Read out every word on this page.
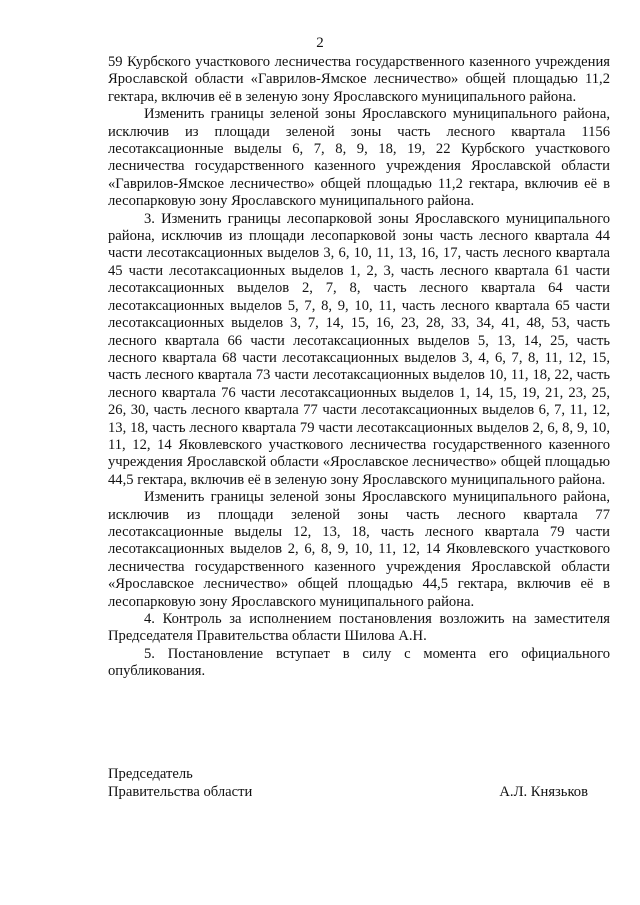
2

59 Курбского участкового лесничества государственного казенного учреждения Ярославской области «Гаврилов-Ямское лесничество» общей площадью 11,2 гектара, включив её в зеленую зону Ярославского муниципального района.

Изменить границы зеленой зоны Ярославского муниципального района, исключив из площади зеленой зоны часть лесного квартала 1156 лесотаксационные выделы 6, 7, 8, 9, 18, 19, 22 Курбского участкового лесничества государственного казенного учреждения Ярославской области «Гаврилов-Ямское лесничество» общей площадью 11,2 гектара, включив её в лесопарковую зону Ярославского муниципального района.

3. Изменить границы лесопарковой зоны Ярославского муниципального района, исключив из площади лесопарковой зоны часть лесного квартала 44 части лесотаксационных выделов 3, 6, 10, 11, 13, 16, 17, часть лесного квартала 45 части лесотаксационных выделов 1, 2, 3, часть лесного квартала 61 части лесотаксационных выделов 2, 7, 8, часть лесного квартала 64 части лесотаксационных выделов 5, 7, 8, 9, 10, 11, часть лесного квартала 65 части лесотаксационных выделов 3, 7, 14, 15, 16, 23, 28, 33, 34, 41, 48, 53, часть лесного квартала 66 части лесотаксационных выделов 5, 13, 14, 25, часть лесного квартала 68 части лесотаксационных выделов 3, 4, 6, 7, 8, 11, 12, 15, часть лесного квартала 73 части лесотаксационных выделов 10, 11, 18, 22, часть лесного квартала 76 части лесотаксационных выделов 1, 14, 15, 19, 21, 23, 25, 26, 30, часть лесного квартала 77 части лесотаксационных выделов 6, 7, 11, 12, 13, 18, часть лесного квартала 79 части лесотаксационных выделов 2, 6, 8, 9, 10, 11, 12, 14 Яковлевского участкового лесничества государственного казенного учреждения Ярославской области «Ярославское лесничество» общей площадью 44,5 гектара, включив её в зеленую зону Ярославского муниципального района.

Изменить границы зеленой зоны Ярославского муниципального района, исключив из площади зеленой зоны часть лесного квартала 77 лесотаксационные выделы 12, 13, 18, часть лесного квартала 79 части лесотаксационных выделов 2, 6, 8, 9, 10, 11, 12, 14 Яковлевского участкового лесничества государственного казенного учреждения Ярославской области «Ярославское лесничество» общей площадью 44,5 гектара, включив её в лесопарковую зону Ярославского муниципального района.

4. Контроль за исполнением постановления возложить на заместителя Председателя Правительства области Шилова А.Н.

5. Постановление вступает в силу с момента его официального опубликования.

Председатель
Правительства области	А.Л. Князьков
